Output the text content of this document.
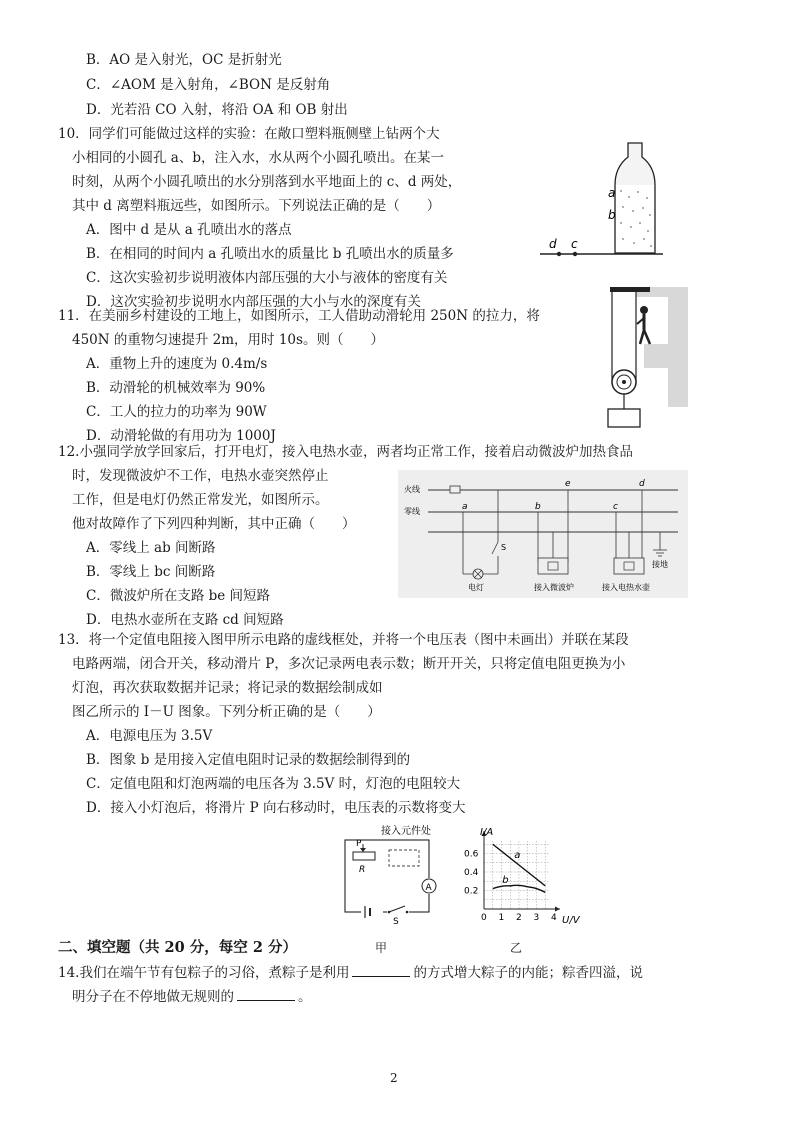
B．AO 是入射光，OC 是折射光
C．∠AOM 是入射角，∠BON 是反射角
D．光若沿 CO 入射，将沿 OA 和 OB 射出
10．同学们可能做过这样的实验：在敞口塑料瓶侧壁上钻两个大
小相同的小圆孔 a、b，注入水，水从两个小圆孔喷出。在某一
时刻，从两个小圆孔喷出的水分别落到水平地面上的 c、d 两处，
其中 d 离塑料瓶远些，如图所示。下列说法正确的是（　　）
A．图中 d 是从 a 孔喷出水的落点
B．在相同的时间内 a 孔喷出水的质量比 b 孔喷出水的质量多
C．这次实验初步说明液体内部压强的大小与液体的密度有关
D．这次实验初步说明水内部压强的大小与水的深度有关
a
b
c
d
11．在美丽乡村建设的工地上，如图所示，工人借助动滑轮用 250N 的拉力，将
450N 的重物匀速提升 2m，用时 10s。则（　　）
A．重物上升的速度为 0.4m/s
B．动滑轮的机械效率为 90%
C．工人的拉力的功率为 90W
D．动滑轮做的有用功为 1000J
12.小强同学放学回家后，打开电灯，接入电热水壶，两者均正常工作，接着启动微波炉加热食品
时，发现微波炉不工作，电热水壶突然停止
工作，但是电灯仍然正常发光，如图所示。
他对故障作了下列四种判断，其中正确（　　）
A．零线上 ab 间断路
B．零线上 bc 间断路
C．微波炉所在支路 be 间短路
D．电热水壶所在支路 cd 间短路
火线
零线
电灯
S
接入微波炉	接入电热水壶
接地
a	b	c
d
e
13．将一个定值电阻接入图甲所示电路的虚线框处，并将一个电压表（图中未画出）并联在某段
电路两端，闭合开关，移动滑片 P，多次记录两电表示数；断开开关，只将定值电阻更换为小
灯泡，再次获取数据并记录；将记录的数据绘制成如
图乙所示的 I－U 图象。下列分析正确的是（　　）
A．电源电压为 3.5V
B．图象 b 是用接入定值电阻时记录的数据绘制得到的
C．定值电阻和灯泡两端的电压各为 3.5V 时，灯泡的电阻较大
D．接入小灯泡后，将滑片 P 向右移动时，电压表的示数将变大
接入元件处
P
R
A
S	0 1 2 3 4
0.2
0.4
0.6	a
b
I/A
U/V
甲	乙
二、填空题（共 20 分，每空 2 分）
14.我们在端午节有包粽子的习俗，煮粽子是利用	的方式增大粽子的内能；粽香四溢，说
明分子在不停地做无规则的	。
2
